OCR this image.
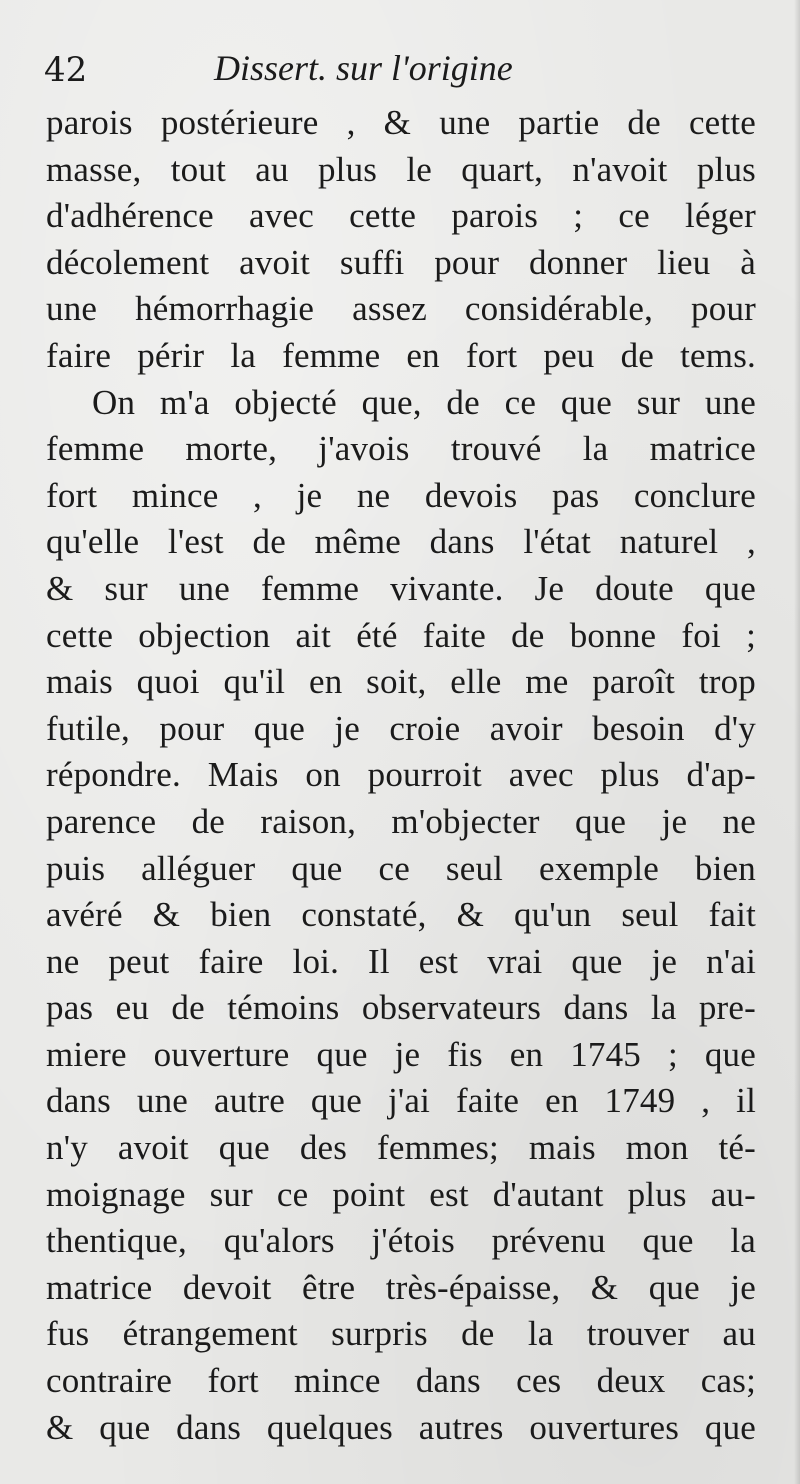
42	Dissert. sur l'origine
parois postérieure , & une partie de cette
masse, tout au plus le quart, n'avoit plus
d'adhérence avec cette parois ; ce léger
décolement avoit suffi pour donner lieu à
une hémorrhagie assez considérable, pour
faire périr la femme en fort peu de tems.
On m'a objecté que, de ce que sur une
femme morte, j'avois trouvé la matrice
fort mince , je ne devois pas conclure
qu'elle l'est de même dans l'état naturel ,
& sur une femme vivante. Je doute que
cette objection ait été faite de bonne foi ;
mais quoi qu'il en soit, elle me paroît trop
futile, pour que je croie avoir besoin d'y
répondre. Mais on pourroit avec plus d'ap-
parence de raison, m'objecter que je ne
puis alléguer que ce seul exemple bien
avéré & bien constaté, & qu'un seul fait
ne peut faire loi. Il est vrai que je n'ai
pas eu de témoins observateurs dans la pre-
miere ouverture que je fis en 1745 ; que
dans une autre que j'ai faite en 1749 , il
n'y avoit que des femmes; mais mon té-
moignage sur ce point est d'autant plus au-
thentique, qu'alors j'étois prévenu que la
matrice devoit être très-épaisse, & que je
fus étrangement surpris de la trouver au
contraire fort mince dans ces deux cas;
& que dans quelques autres ouvertures que
